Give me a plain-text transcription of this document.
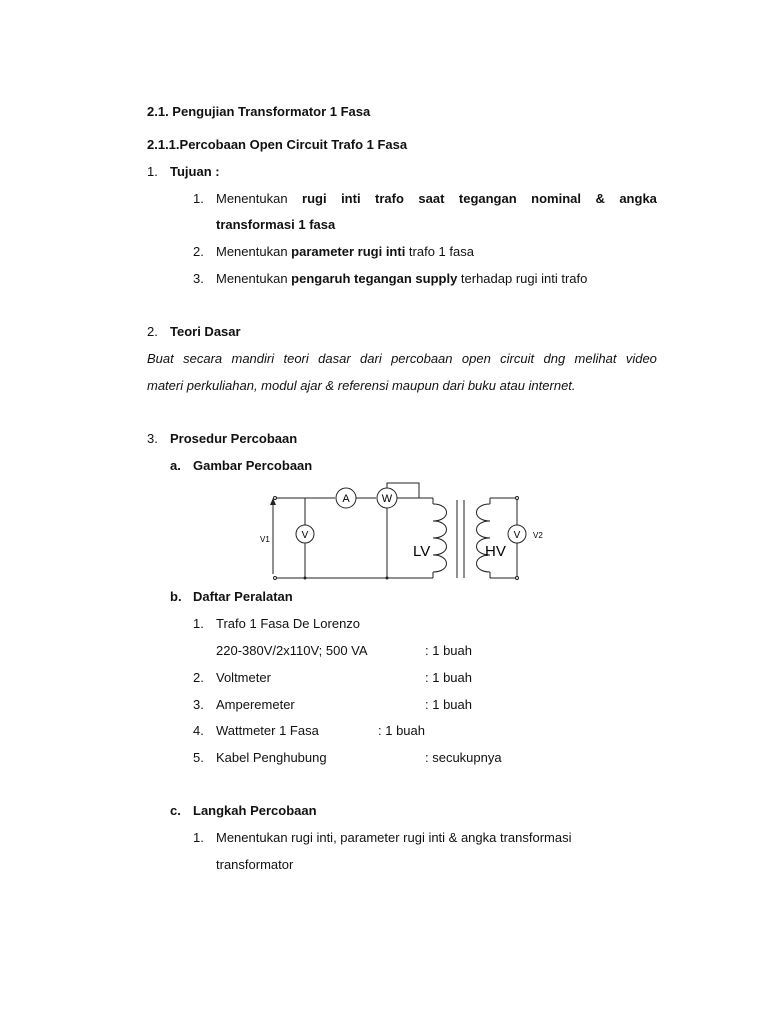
2.1. Pengujian Transformator 1 Fasa
2.1.1.Percobaan Open Circuit Trafo 1 Fasa
1. Tujuan :
1. Menentukan rugi inti trafo saat tegangan nominal & angka
transformasi 1 fasa
2. Menentukan parameter rugi inti trafo 1 fasa
3. Menentukan pengaruh tegangan supply terhadap rugi inti trafo
2. Teori Dasar
Buat secara mandiri teori dasar dari percobaan open circuit dng melihat video
materi perkuliahan, modul ajar & referensi maupun dari buku atau internet.
3. Prosedur Percobaan
a. Gambar Percobaan
A	W
V	V
V1	V2
LV	HV
b. Daftar Peralatan
1. Trafo 1 Fasa De Lorenzo
220-380V/2x110V; 500 VA	: 1 buah
2. Voltmeter	: 1 buah
3. Amperemeter	: 1 buah
4. Wattmeter 1 Fasa	: 1 buah
5. Kabel Penghubung	: secukupnya
c. Langkah Percobaan
1. Menentukan rugi inti, parameter rugi inti & angka transformasi
transformator
